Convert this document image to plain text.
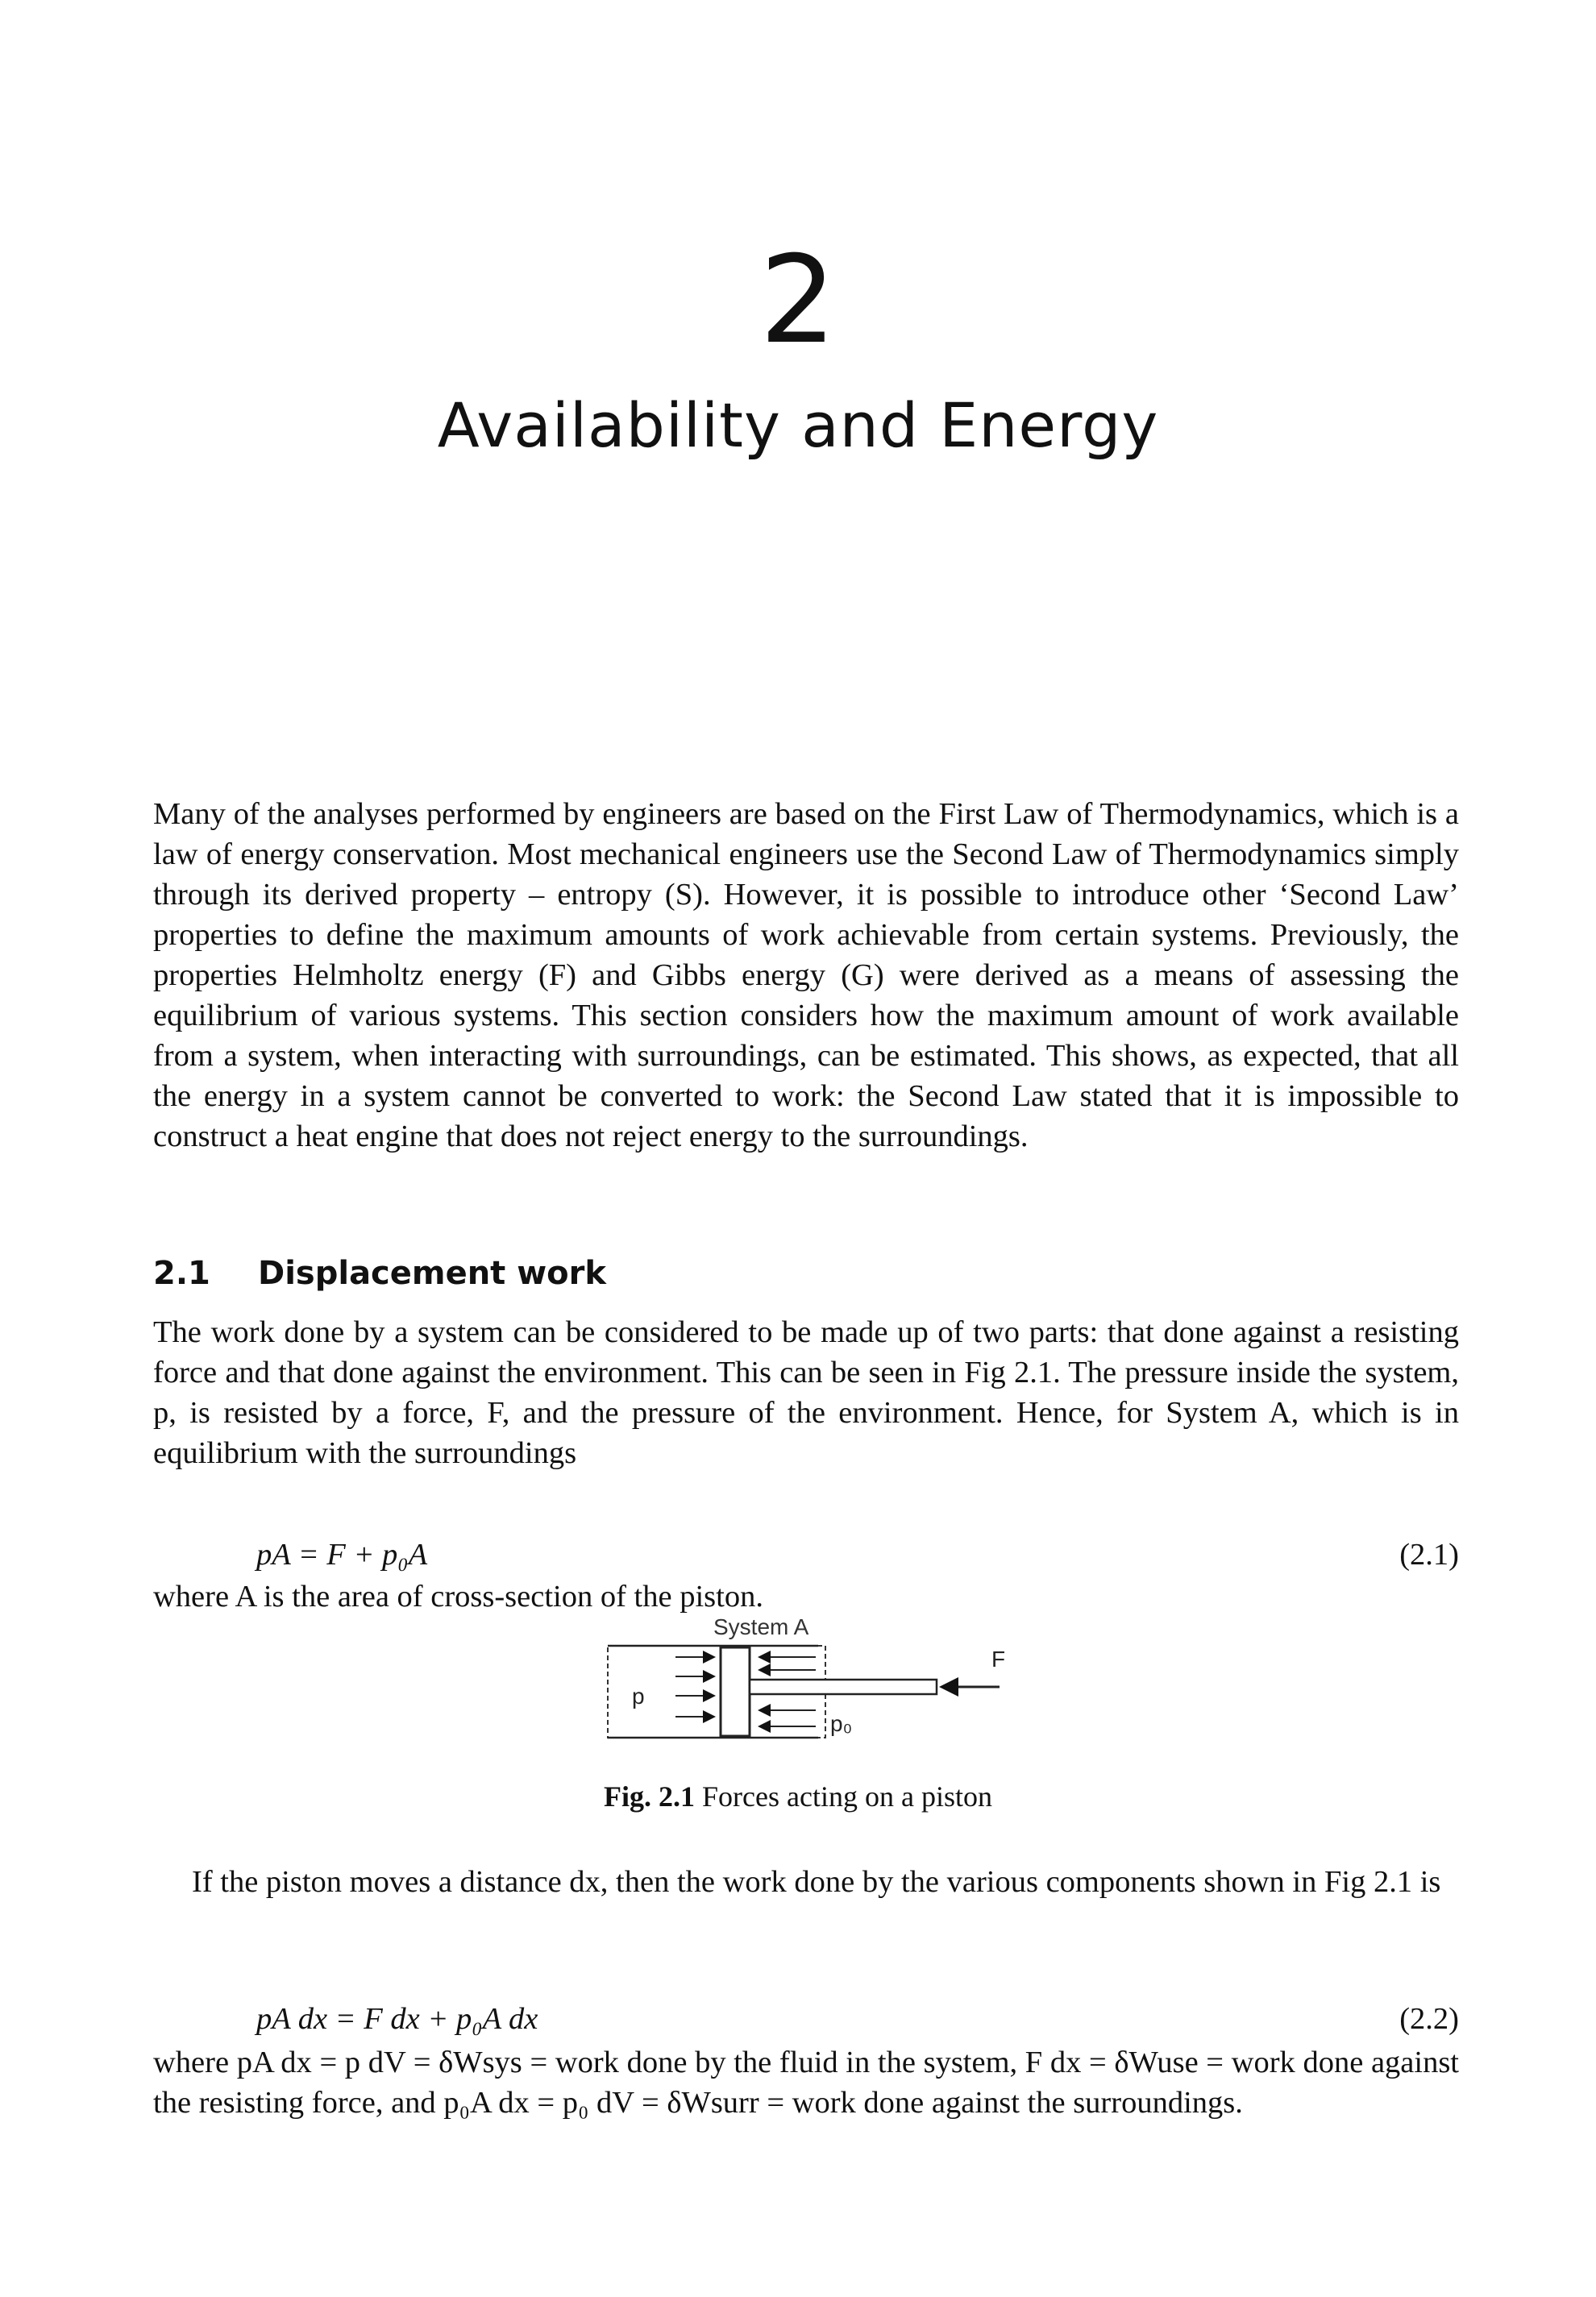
2
Availability and Energy
Many of the analyses performed by engineers are based on the First Law of Thermodynamics, which is a law of energy conservation. Most mechanical engineers use the Second Law of Thermodynamics simply through its derived property – entropy (S). However, it is possible to introduce other ‘Second Law’ properties to define the maximum amounts of work achievable from certain systems. Previously, the properties Helmholtz energy (F) and Gibbs energy (G) were derived as a means of assessing the equilibrium of various systems. This section considers how the maximum amount of work available from a system, when interacting with surroundings, can be estimated. This shows, as expected, that all the energy in a system cannot be converted to work: the Second Law stated that it is impossible to construct a heat engine that does not reject energy to the surroundings.
2.1 Displacement work
The work done by a system can be considered to be made up of two parts: that done against a resisting force and that done against the environment. This can be seen in Fig 2.1. The pressure inside the system, p, is resisted by a force, F, and the pressure of the environment. Hence, for System A, which is in equilibrium with the surroundings
pA = F + p₀A	(2.1)
where A is the area of cross-section of the piston.
System A
p
F
p₀
Fig. 2.1 Forces acting on a piston
If the piston moves a distance dx, then the work done by the various components shown in Fig 2.1 is
pA dx = F dx + p₀A dx	(2.2)
where pA dx = p dV = δWsys = work done by the fluid in the system, F dx = δWuse = work done against the resisting force, and p₀A dx = p₀ dV = δWsurr = work done against the surroundings.
